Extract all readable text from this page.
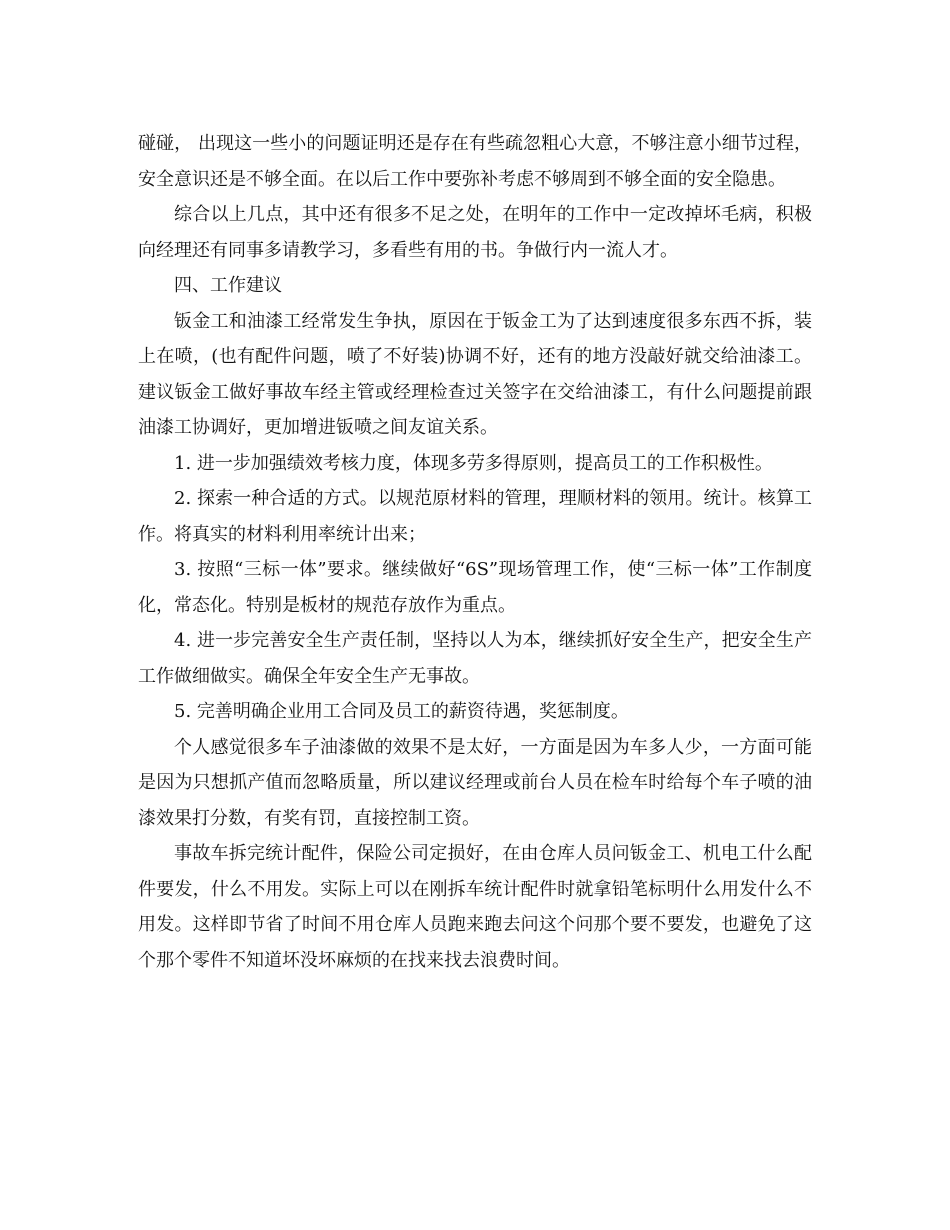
碰碰， 出现这一些小的问题证明还是存在有些疏忽粗心大意，不够注意小细节过程，安全意识还是不够全面。在以后工作中要弥补考虑不够周到不够全面的安全隐患。

综合以上几点，其中还有很多不足之处，在明年的工作中一定改掉坏毛病，积极向经理还有同事多请教学习，多看些有用的书。争做行内一流人才。

四、工作建议

钣金工和油漆工经常发生争执，原因在于钣金工为了达到速度很多东西不拆，装上在喷，(也有配件问题，喷了不好装)协调不好，还有的地方没敲好就交给油漆工。建议钣金工做好事故车经主管或经理检查过关签字在交给油漆工，有什么问题提前跟油漆工协调好，更加增进钣喷之间友谊关系。

1. 进一步加强绩效考核力度，体现多劳多得原则，提高员工的工作积极性。

2. 探索一种合适的方式。以规范原材料的管理，理顺材料的领用。统计。核算工作。将真实的材料利用率统计出来；

3. 按照“三标一体”要求。继续做好“6S”现场管理工作，使“三标一体”工作制度化，常态化。特别是板材的规范存放作为重点。

4. 进一步完善安全生产责任制，坚持以人为本，继续抓好安全生产，把安全生产工作做细做实。确保全年安全生产无事故。

5. 完善明确企业用工合同及员工的薪资待遇，奖惩制度。

个人感觉很多车子油漆做的效果不是太好，一方面是因为车多人少，一方面可能是因为只想抓产值而忽略质量，所以建议经理或前台人员在检车时给每个车子喷的油漆效果打分数，有奖有罚，直接控制工资。

事故车拆完统计配件，保险公司定损好，在由仓库人员问钣金工、机电工什么配件要发，什么不用发。实际上可以在刚拆车统计配件时就拿铅笔标明什么用发什么不用发。这样即节省了时间不用仓库人员跑来跑去问这个问那个要不要发，也避免了这个那个零件不知道坏没坏麻烦的在找来找去浪费时间。
